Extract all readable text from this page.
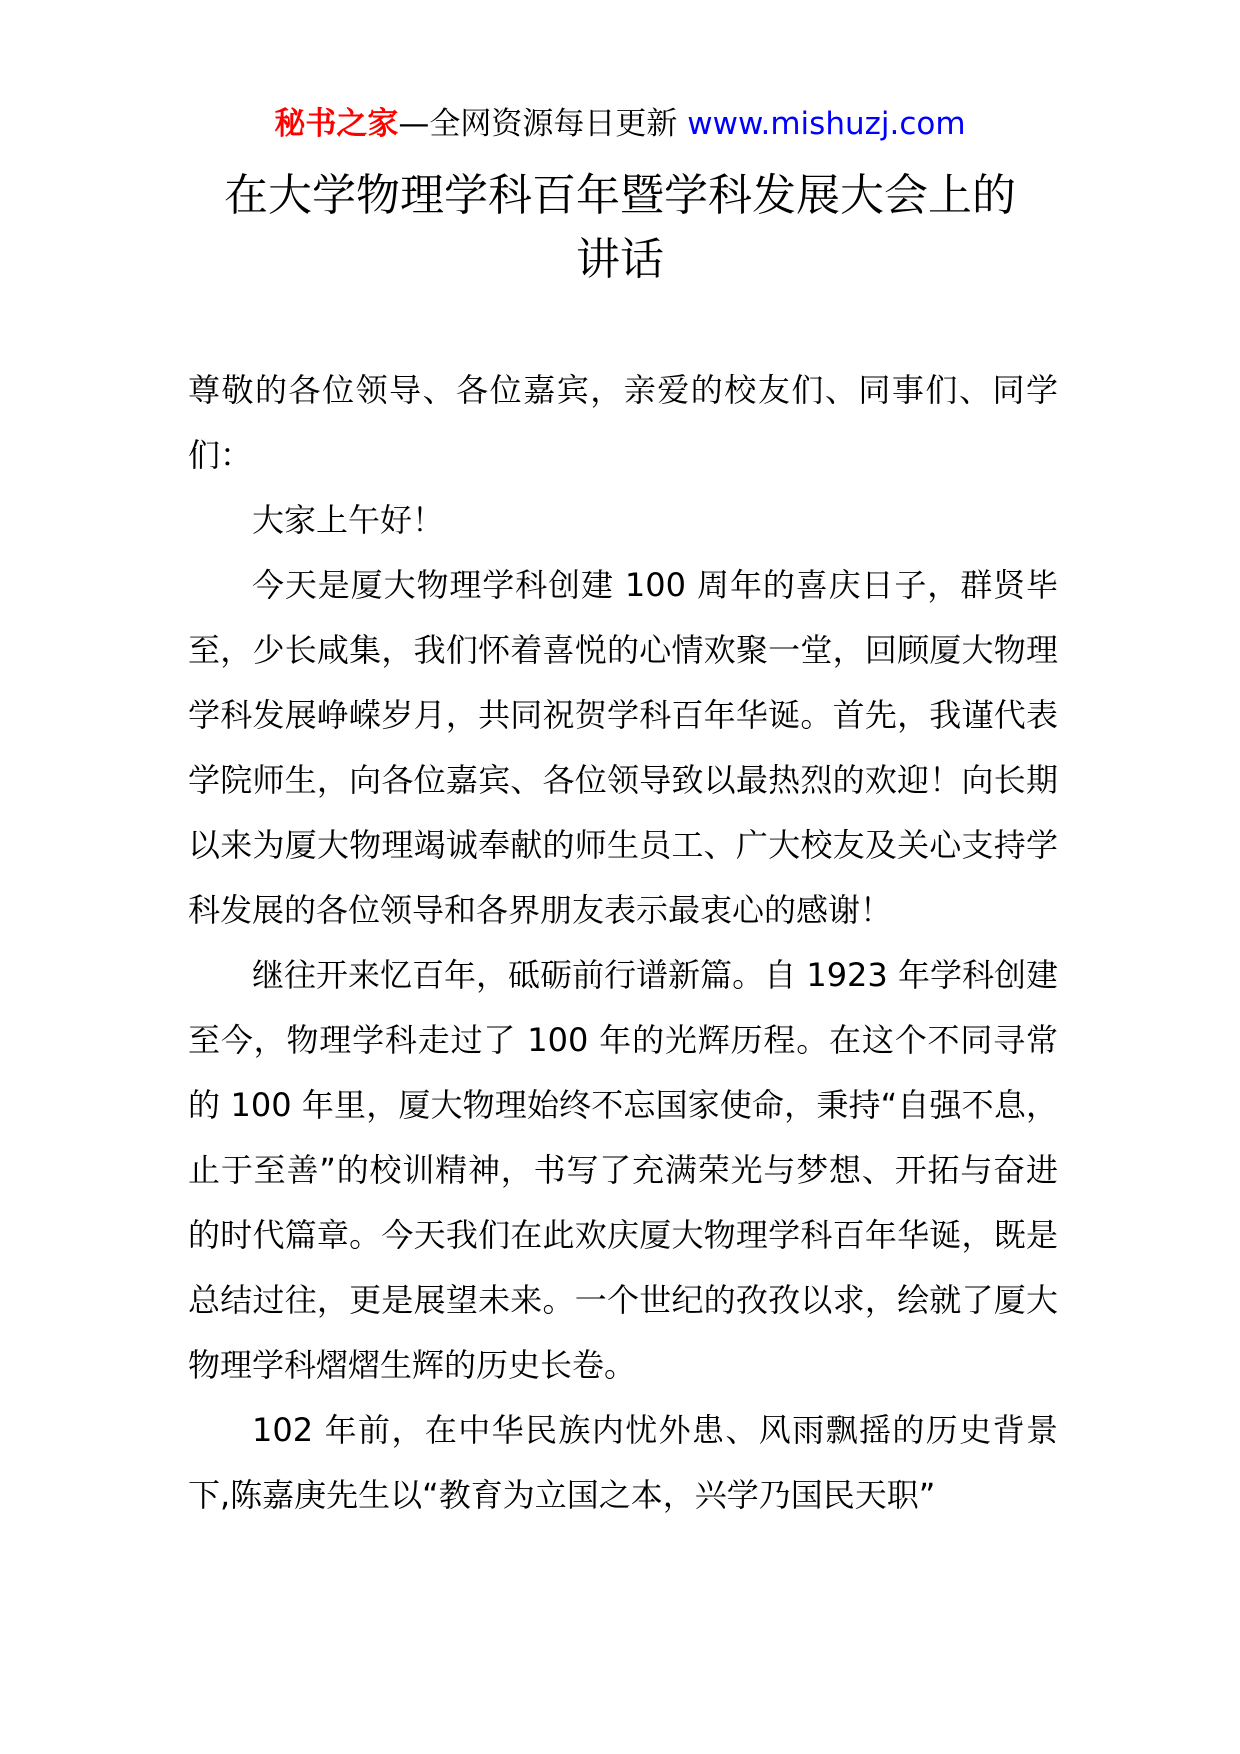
秘书之家—全网资源每日更新 www.mishuzj.com
在大学物理学科百年暨学科发展大会上的
讲话

尊敬的各位领导、各位嘉宾，亲爱的校友们、同事们、同学们：

大家上午好！

今天是厦大物理学科创建 100 周年的喜庆日子，群贤毕至，少长咸集，我们怀着喜悦的心情欢聚一堂，回顾厦大物理学科发展峥嵘岁月，共同祝贺学科百年华诞。首先，我谨代表学院师生，向各位嘉宾、各位领导致以最热烈的欢迎！向长期以来为厦大物理竭诚奉献的师生员工、广大校友及关心支持学科发展的各位领导和各界朋友表示最衷心的感谢！

继往开来忆百年，砥砺前行谱新篇。自 1923 年学科创建至今，物理学科走过了 100 年的光辉历程。在这个不同寻常的 100 年里，厦大物理始终不忘国家使命，秉持“自强不息，止于至善”的校训精神，书写了充满荣光与梦想、开拓与奋进的时代篇章。今天我们在此欢庆厦大物理学科百年华诞，既是总结过往，更是展望未来。一个世纪的孜孜以求，绘就了厦大物理学科熠熠生辉的历史长卷。

102 年前，在中华民族内忧外患、风雨飘摇的历史背景下,陈嘉庚先生以“教育为立国之本，兴学乃国民天职”
